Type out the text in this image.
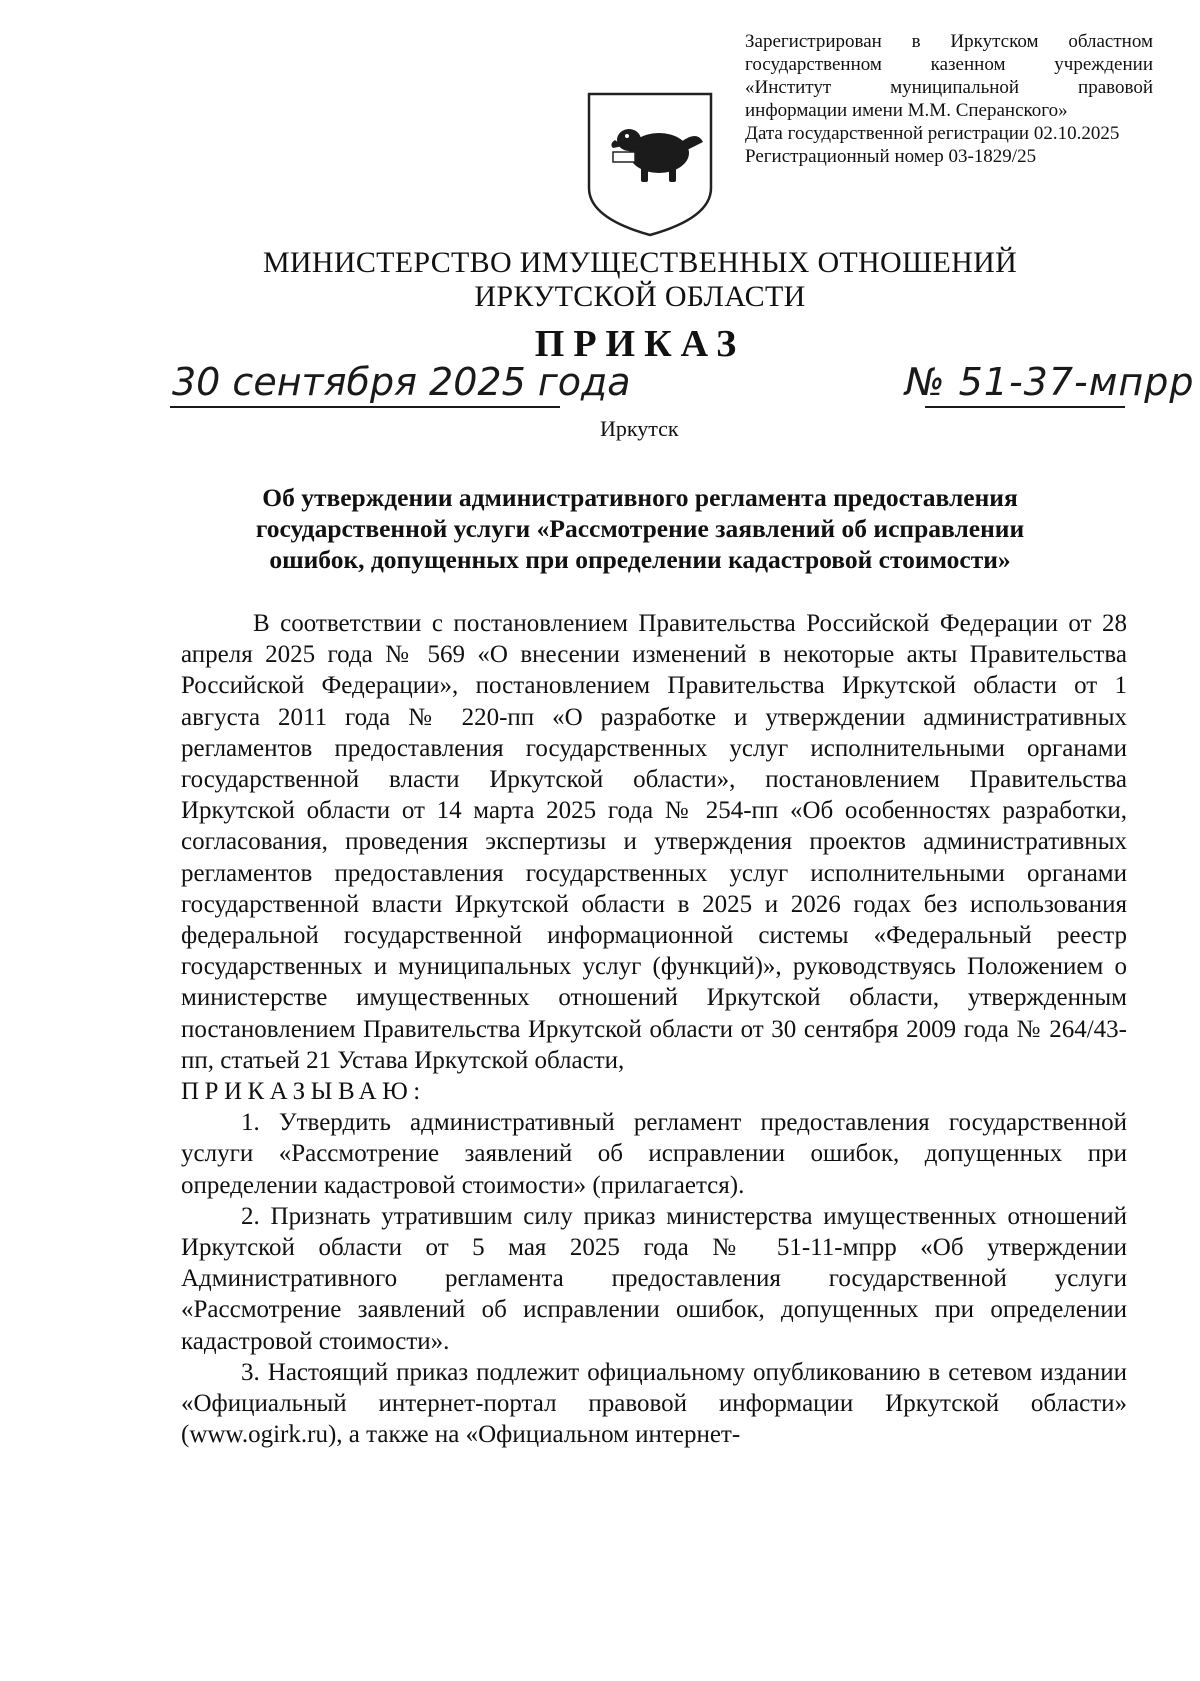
Зарегистрирован в Иркутском областном
государственном казенном учреждении
«Институт муниципальной правовой
информации имени М.М. Сперанского»
Дата государственной регистрации 02.10.2025
Регистрационный номер 03-1829/25
МИНИСТЕРСТВО ИМУЩЕСТВЕННЫХ ОТНОШЕНИЙ
ИРКУТСКОЙ ОБЛАСТИ
ПРИКАЗ
30 сентября 2025 года	№ 51-37-мпрр
Иркутск
Об утверждении административного регламента предоставления
государственной услуги «Рассмотрение заявлений об исправлении
ошибок, допущенных при определении кадастровой стоимости»

В соответствии с постановлением Правительства Российской Федерации от 28 апреля 2025 года № 569 «О внесении изменений в некоторые акты Правительства Российской Федерации», постановлением Правительства Иркутской области от 1 августа 2011 года № 220-пп «О разработке и утверждении административных регламентов предоставления государственных услуг исполнительными органами государственной власти Иркутской области», постановлением Правительства Иркутской области от 14 марта 2025 года № 254-пп «Об особенностях разработки, согласования, проведения экспертизы и утверждения проектов административных регламентов предоставления государственных услуг исполнительными органами государственной власти Иркутской области в 2025 и 2026 годах без использования федеральной государственной информационной системы «Федеральный реестр государственных и муниципальных услуг (функций)», руководствуясь Положением о министерстве имущественных отношений Иркутской области, утвержденным постановлением Правительства Иркутской области от 30 сентября 2009 года № 264/43-пп, статьей 21 Устава Иркутской области,

ПРИКАЗЫВАЮ:

1. Утвердить административный регламент предоставления государственной услуги «Рассмотрение заявлений об исправлении ошибок, допущенных при определении кадастровой стоимости» (прилагается).

2. Признать утратившим силу приказ министерства имущественных отношений Иркутской области от 5 мая 2025 года № 51-11-мпрр «Об утверждении Административного регламента предоставления государственной услуги «Рассмотрение заявлений об исправлении ошибок, допущенных при определении кадастровой стоимости».

3. Настоящий приказ подлежит официальному опубликованию в сетевом издании «Официальный интернет-портал правовой информации Иркутской области» (www.ogirk.ru), а также на «Официальном интернет-
